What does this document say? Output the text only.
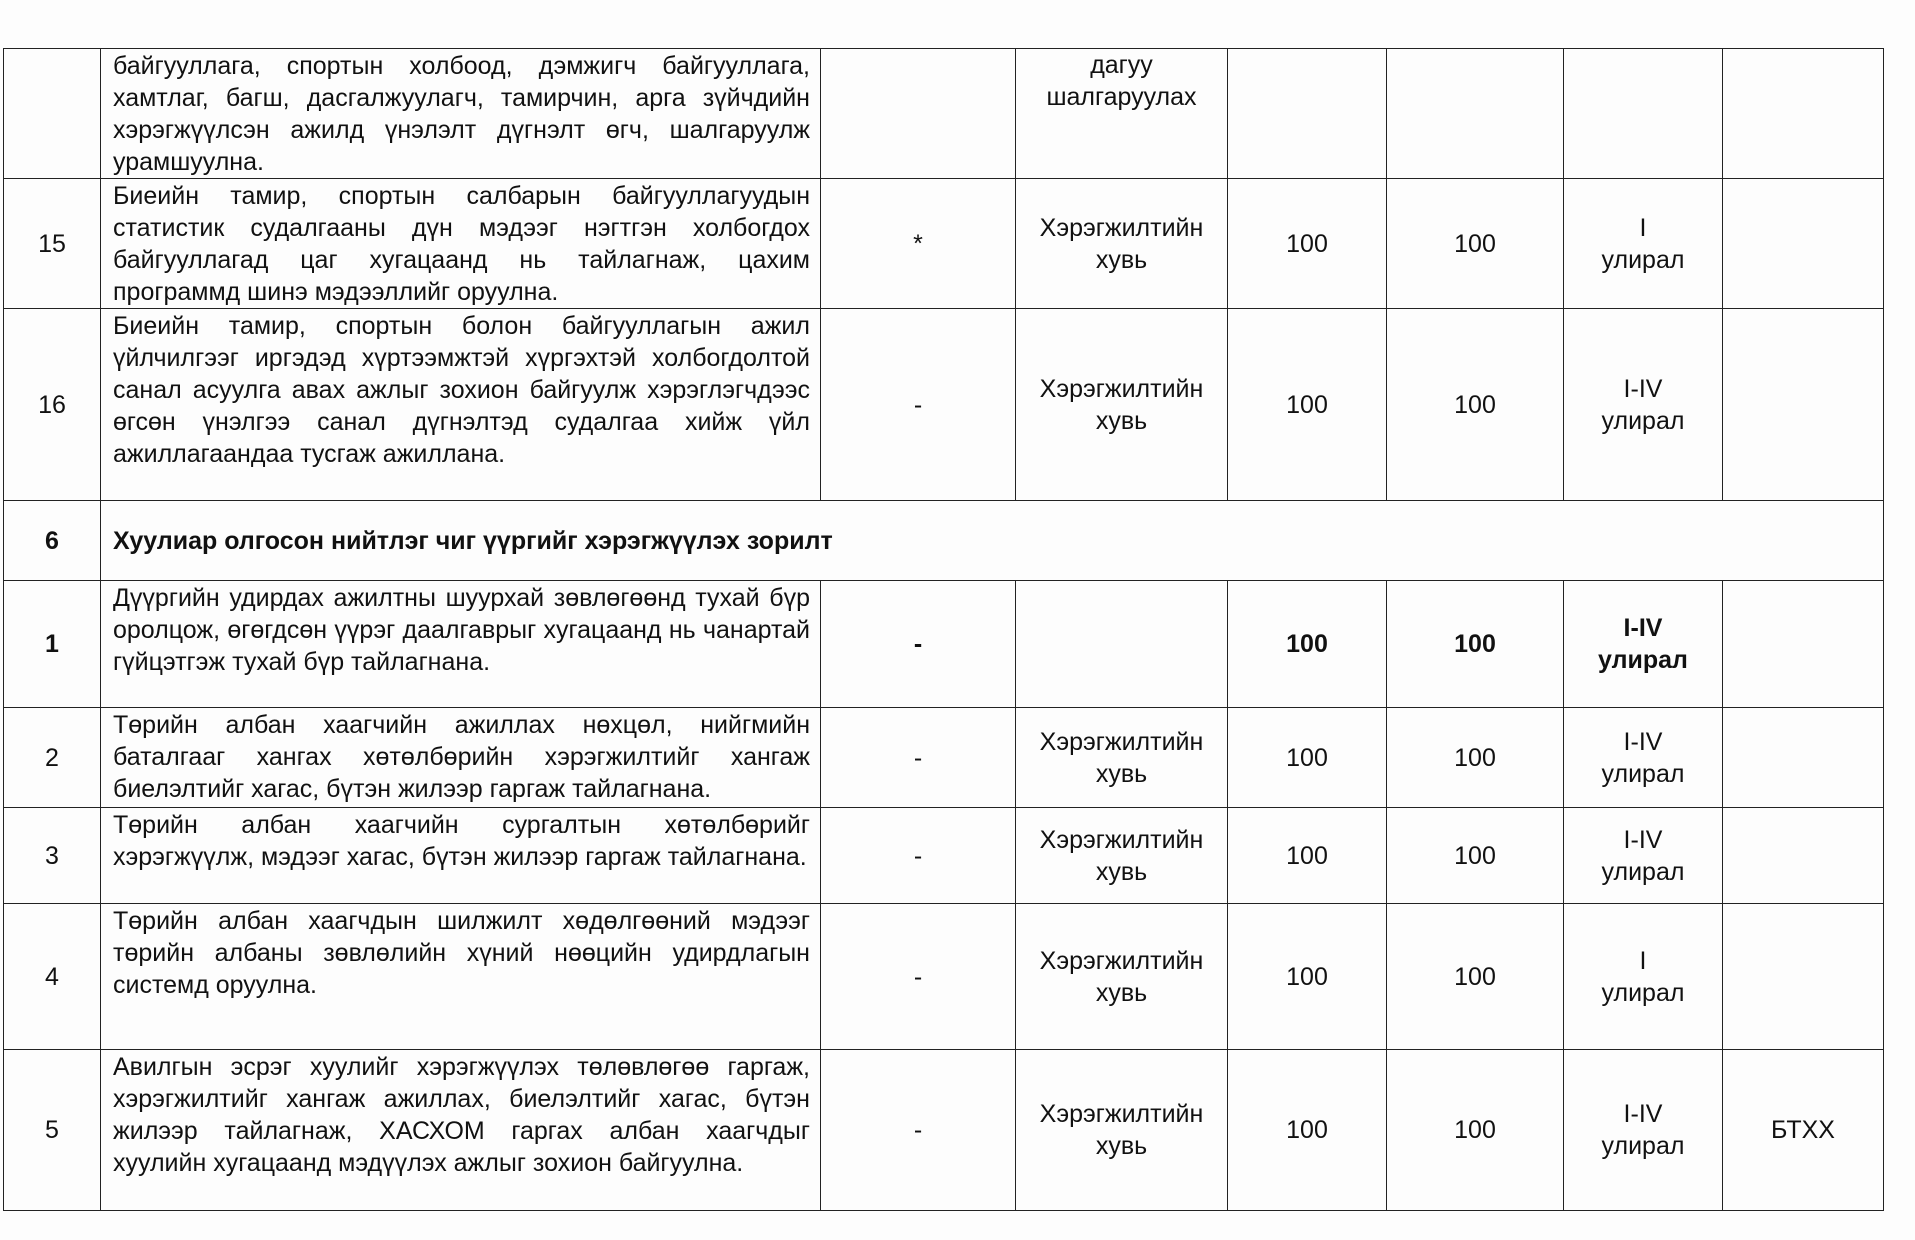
	байгууллага, спортын холбоод, дэмжигч байгууллага, хамтлаг, багш, дасгалжуулагч, тамирчин, арга зүйчдийн хэрэгжүүлсэн ажилд үнэлэлт дүгнэлт өгч, шалгаруулж урамшуулна.		дагуу
шалгаруулах				

15	Биеийн тамир, спортын салбарын байгууллагуудын статистик судалгааны дүн мэдээг нэгтгэн холбогдох байгууллагад цаг хугацаанд нь тайлагнаж, цахим программд шинэ мэдээллийг оруулна.	*	Хэрэгжилтийн
хувь	100	100	I
улирал	

16	Биеийн тамир, спортын болон байгууллагын ажил үйлчилгээг иргэдэд хүртээмжтэй хүргэхтэй холбогдолтой санал асуулга авах ажлыг зохион байгуулж хэрэглэгчдээс өгсөн үнэлгээ санал дүгнэлтэд судалгаа хийж үйл ажиллагаандаа тусгаж ажиллана.	-	Хэрэгжилтийн
хувь	100	100	I-IV
улирал	

6	Хуулиар олгосон нийтлэг чиг үүргийг хэрэгжүүлэх зорилт						
1	Дүүргийн удирдах ажилтны шуурхай зөвлөгөөнд тухай бүр оролцож, өгөгдсөн үүрэг даалгаврыг хугацаанд нь чанартай гүйцэтгэж тухай бүр тайлагнана.	-		100	100	I-IV
улирал	

2	Төрийн албан хаагчийн ажиллах нөхцөл, нийгмийн баталгааг хангах хөтөлбөрийн хэрэгжилтийг хангаж биелэлтийг хагас, бүтэн жилээр гаргаж тайлагнана.	-	Хэрэгжилтийн
хувь	100	100	I-IV
улирал	

3	Төрийн албан хаагчийн сургалтын хөтөлбөрийг хэрэгжүүлж, мэдээг хагас, бүтэн жилээр гаргаж тайлагнана.	-	Хэрэгжилтийн
хувь	100	100	I-IV
улирал	

4	Төрийн албан хаагчдын шилжилт хөдөлгөөний мэдээг төрийн албаны зөвлөлийн хүний нөөцийн удирдлагын системд оруулна.	-	Хэрэгжилтийн
хувь	100	100	I
улирал	

5	Авилгын эсрэг хуулийг хэрэгжүүлэх төлөвлөгөө гаргаж, хэрэгжилтийг хангаж ажиллах, биелэлтийг хагас, бүтэн жилээр тайлагнаж, ХАСХОМ гаргах албан хаагчдыг хуулийн хугацаанд мэдүүлэх ажлыг зохион байгуулна.	-	Хэрэгжилтийн
хувь	100	100	I-IV
улирал	БТХХ
